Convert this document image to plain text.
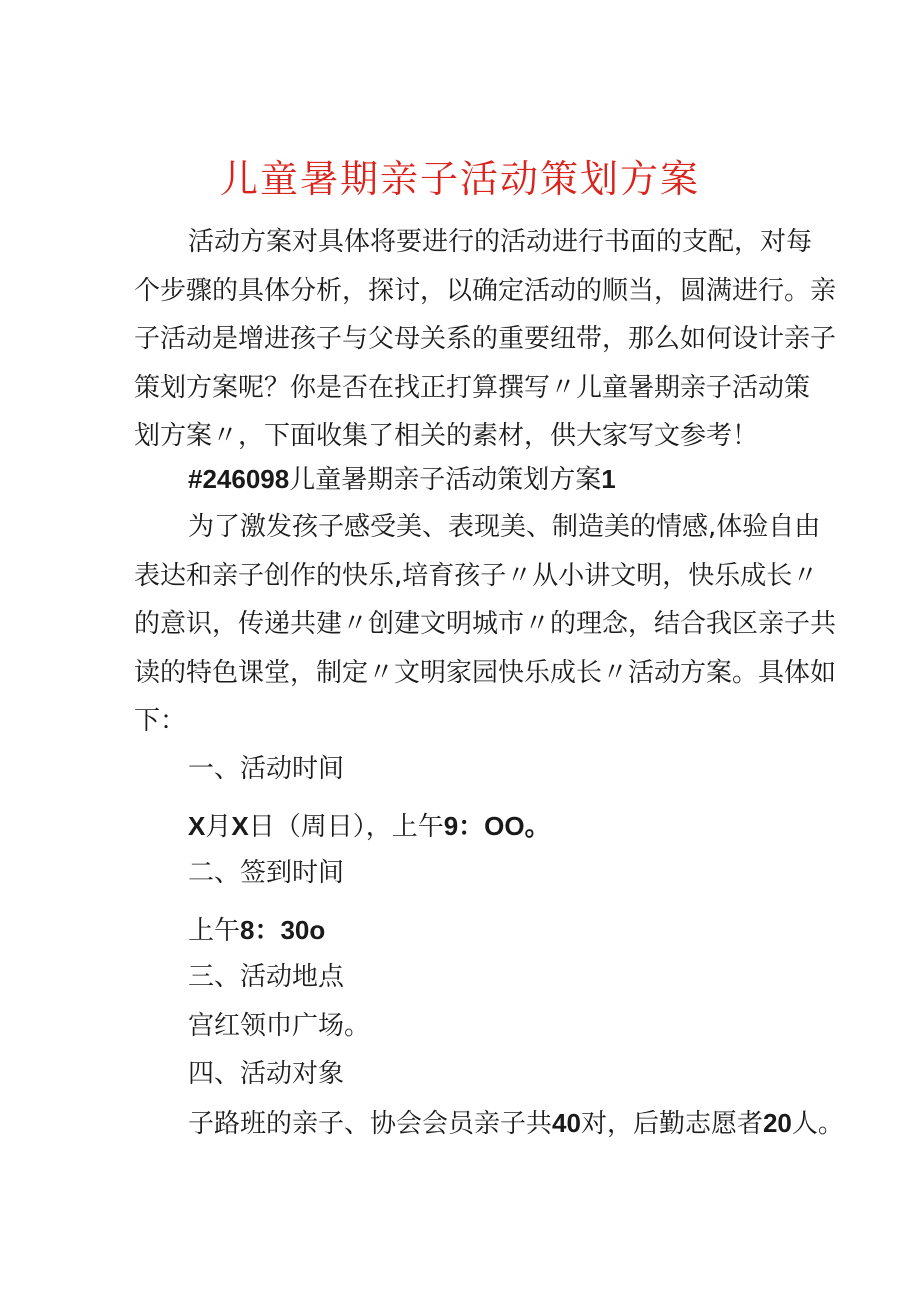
儿童暑期亲子活动策划方案
活动方案对具体将要进行的活动进行书面的支配，对每
个步骤的具体分析，探讨，以确定活动的顺当，圆满进行。亲
子活动是增进孩子与父母关系的重要纽带，那么如何设计亲子
策划方案呢？你是否在找正打算撰写〃儿童暑期亲子活动策
划方案〃，下面收集了相关的素材，供大家写文参考！

#246098儿童暑期亲子活动策划方案1

为了激发孩子感受美、表现美、制造美的情感,体验自由
表达和亲子创作的快乐,培育孩子〃从小讲文明，快乐成长〃
的意识，传递共建〃创建文明城市〃的理念，结合我区亲子共
读的特色课堂，制定〃文明家园快乐成长〃活动方案。具体如
下：

一、活动时间

X月X日（周日），上午9：OO。

二、签到时间

上午8：30o

三、活动地点

宫红领巾广场。

四、活动对象

子路班的亲子、协会会员亲子共40对，后勤志愿者20人。
